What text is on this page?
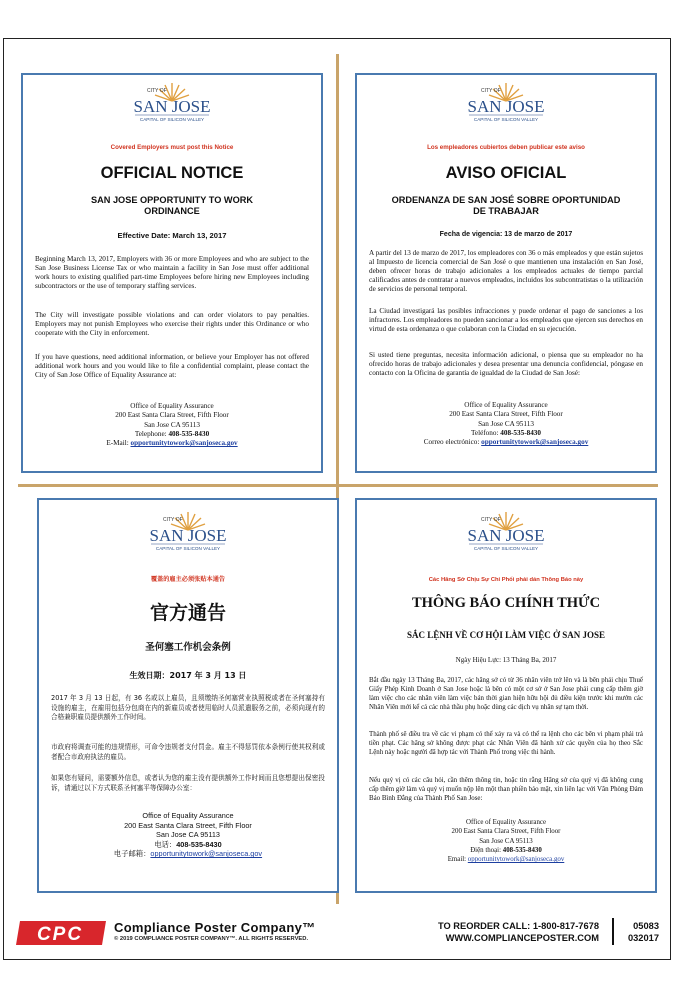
CITY OF
SAN JOSE
CAPITAL OF SILICON VALLEY
Covered Employers must post this Notice
OFFICIAL NOTICE
SAN JOSE OPPORTUNITY TO WORK ORDINANCE
Effective Date: March 13, 2017
Beginning March 13, 2017, Employers with 36 or more Employees and who are subject to the San Jose Business License Tax or who maintain a facility in San Jose must offer additional work hours to existing qualified part-time Employees before hiring new Employees including subcontractors or the use of temporary staffing services.
The City will investigate possible violations and can order violators to pay penalties. Employers may not punish Employees who exercise their rights under this Ordinance or who cooperate with the City in enforcement.
If you have questions, need additional information, or believe your Employer has not offered additional work hours and you would like to file a confidential complaint, please contact the City of San Jose Office of Equality Assurance at:
Office of Equality Assurance
200 East Santa Clara Street, Fifth Floor
San Jose CA 95113
Telephone: 408-535-8430
E-Mail: opportunitytowork@sanjoseca.gov
CITY OF
SAN JOSE
CAPITAL OF SILICON VALLEY
Los empleadores cubiertos deben publicar este aviso
AVISO OFICIAL
ORDENANZA DE SAN JOSÉ SOBRE OPORTUNIDAD DE TRABAJAR
Fecha de vigencia: 13 de marzo de 2017
A partir del 13 de marzo de 2017, los empleadores con 36 o más empleados y que están sujetos al Impuesto de licencia comercial de San José o que mantienen una instalación en San José, deben ofrecer horas de trabajo adicionales a los empleados actuales de tiempo parcial calificados antes de contratar a nuevos empleados, incluidos los subcontratistas o la utilización de servicios de personal temporal.
La Ciudad investigará las posibles infracciones y puede ordenar el pago de sanciones a los infractores. Los empleadores no pueden sancionar a los empleados que ejercen sus derechos en virtud de esta ordenanza o que colaboran con la Ciudad en su ejecución.
Si usted tiene preguntas, necesita información adicional, o piensa que su empleador no ha ofrecido horas de trabajo adicionales y desea presentar una denuncia confidencial, póngase en contacto con la Oficina de garantía de igualdad de la Ciudad de San José:
Office of Equality Assurance
200 East Santa Clara Street, Fifth Floor
San Jose CA 95113
Teléfono: 408-535-8430
Correo electrónico: opportunitytowork@sanjoseca.gov
CITY OF
SAN JOSE
CAPITAL OF SILICON VALLEY
覆盖的雇主必须张贴本通告
官方通告
圣何塞工作机会条例
生效日期：2017 年 3 月 13 日
2017 年 3 月 13 日起，有 36 名或以上雇员，且须缴纳圣何塞营业执照税或者在圣何塞持有设施的雇主，在雇用包括分包商在内的新雇员或者使用临时人员派遣服务之前，必须向现有的合格兼职雇员提供额外工作时间。
市政府将调查可能的违规情形，可命令违规者支付罚金。雇主不得惩罚依本条例行使其权利或者配合市政府执法的雇员。
如果您有疑问，需要额外信息，或者认为您的雇主没有提供额外工作时间而且您想提出保密投诉，请通过以下方式联系圣何塞平等保障办公室：
Office of Equality Assurance
200 East Santa Clara Street, Fifth Floor
San Jose CA 95113
电话：408-535-8430
电子邮箱：opportunitytowork@sanjoseca.gov
CITY OF
SAN JOSE
CAPITAL OF SILICON VALLEY
Các Hãng Sở Chịu Sự Chi Phối phải dán Thông Báo này
THÔNG BÁO CHÍNH THỨC
SẮC LỆNH VỀ CƠ HỘI LÀM VIỆC Ở SAN JOSE
Ngày Hiệu Lực: 13 Tháng Ba, 2017
Bắt đầu ngày 13 Tháng Ba, 2017, các hãng sở có từ 36 nhân viên trở lên và là bên phải chịu Thuế Giấy Phép Kinh Doanh ở San Jose hoặc là bên có một cơ sở ở San Jose phải cung cấp thêm giờ làm việc cho các nhân viên làm việc bán thời gian hiện hữu hội đủ điều kiện trước khi mướn các Nhân Viên mới kể cả các nhà thầu phụ hoặc dùng các dịch vụ nhân sự tạm thời.
Thành phố sẽ điều tra về các vi phạm có thể xảy ra và có thể ra lệnh cho các bên vi phạm phải trả tiền phạt. Các hãng sở không được phạt các Nhân Viên đã hành xử các quyền của họ theo Sắc Lệnh này hoặc người đã hợp tác với Thành Phố trong việc thi hành.
Nếu quý vị có các câu hỏi, cần thêm thông tin, hoặc tin rằng Hãng sở của quý vị đã không cung cấp thêm giờ làm và quý vị muốn nộp lên một than phiền bảo mật, xin liên lạc với Văn Phòng Đảm Bảo Bình Đẳng của Thành Phố San Jose:
Office of Equality Assurance
200 East Santa Clara Street, Fifth Floor
San Jose CA 95113
Điện thoại: 408-535-8430
Email: opportunitytowork@sanjoseca.gov
CPC Compliance Poster Company™
© 2019 COMPLIANCE POSTER COMPANY™. ALL RIGHTS RESERVED.
TO REORDER CALL: 1-800-817-7678
WWW.COMPLIANCEPOSTER.COM
05083
032017
